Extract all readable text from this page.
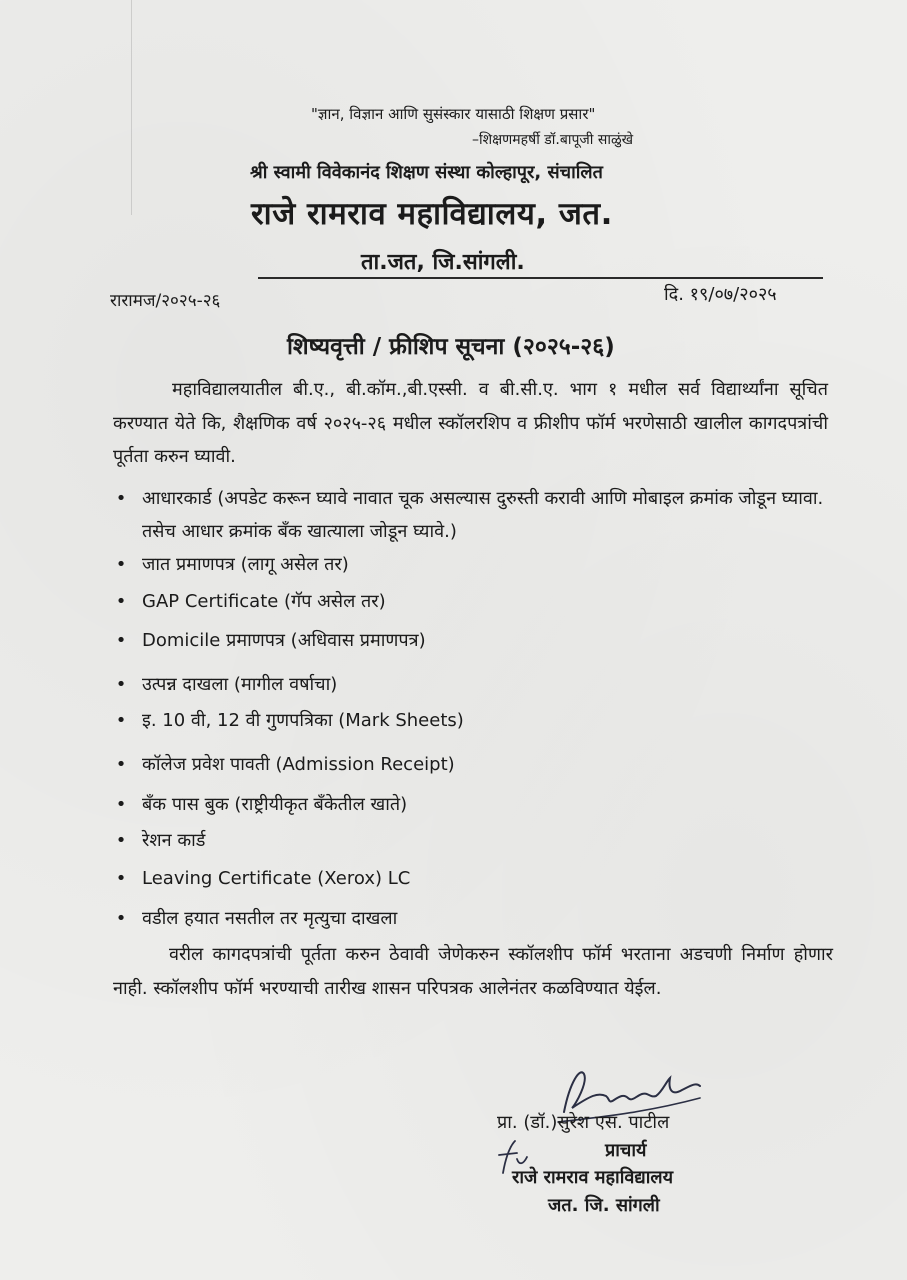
"ज्ञान, विज्ञान आणि सुसंस्कार यासाठी शिक्षण प्रसार"
–शिक्षणमहर्षी डॉ.बापूजी साळुंखे
श्री स्वामी विवेकानंद शिक्षण संस्था कोल्हापूर, संचालित
राजे रामराव महाविद्यालय, जत.
ता.जत, जि.सांगली.
रारामज/२०२५-२६	दि. १९/०७/२०२५
शिष्यवृत्ती / फ्रीशिप सूचना (२०२५-२६)
महाविद्यालयातील बी.ए., बी.कॉम.,बी.एस्सी. व बी.सी.ए. भाग १ मधील सर्व विद्यार्थ्यांना सूचित करण्यात येते कि, शैक्षणिक वर्ष २०२५-२६ मधील स्कॉलरशिप व फ्रीशीप फॉर्म भरणेसाठी खालील कागदपत्रांची पूर्तता करुन घ्यावी.
• आधारकार्ड (अपडेट करून घ्यावे नावात चूक असल्यास दुरुस्ती करावी आणि मोबाइल क्रमांक जोडून घ्यावा. तसेच आधार क्रमांक बँक खात्याला जोडून घ्यावे.)
• जात प्रमाणपत्र (लागू असेल तर)
• GAP Certificate (गॅप असेल तर)
• Domicile प्रमाणपत्र (अधिवास प्रमाणपत्र)
• उत्पन्न दाखला (मागील वर्षाचा)
• इ. 10 वी, 12 वी गुणपत्रिका (Mark Sheets)
• कॉलेज प्रवेश पावती (Admission Receipt)
• बँक पास बुक (राष्ट्रीयीकृत बँकेतील खाते)
• रेशन कार्ड
• Leaving Certificate (Xerox) LC
• वडील हयात नसतील तर मृत्युचा दाखला
वरील कागदपत्रांची पूर्तता करुन ठेवावी जेणेकरुन स्कॉलशीप फॉर्म भरताना अडचणी निर्माण होणार नाही. स्कॉलशीप फॉर्म भरण्याची तारीख शासन परिपत्रक आलेनंतर कळविण्यात येईल.
प्रा. (डॉ.)सुरेश एस. पाटील
प्राचार्य
राजे रामराव महाविद्यालय
जत. जि. सांगली
